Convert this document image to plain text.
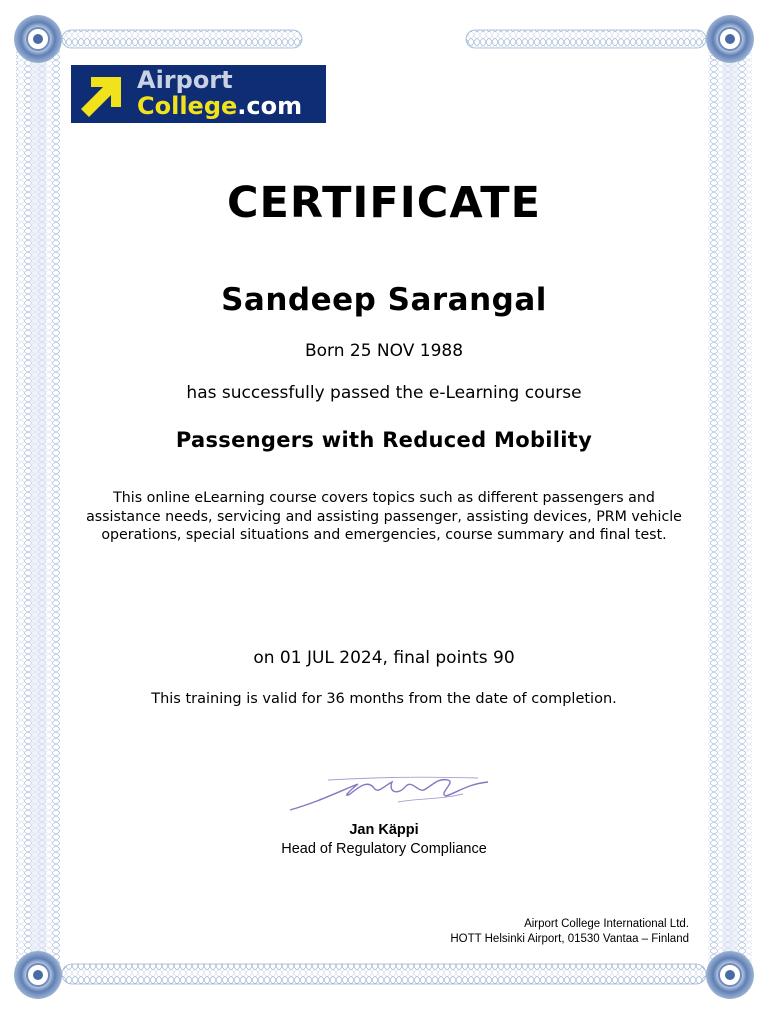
Airport
College.com
CERTIFICATE
Sandeep Sarangal
Born 25 NOV 1988
has successfully passed the e-Learning course
Passengers with Reduced Mobility
This online eLearning course covers topics such as different passengers and assistance needs, servicing and assisting passenger, assisting devices, PRM vehicle operations, special situations and emergencies, course summary and final test.
on 01 JUL 2024, final points 90
This training is valid for 36 months from the date of completion.
Jan Käppi
Head of Regulatory Compliance
Airport College International Ltd.
HOTT Helsinki Airport, 01530 Vantaa – Finland
